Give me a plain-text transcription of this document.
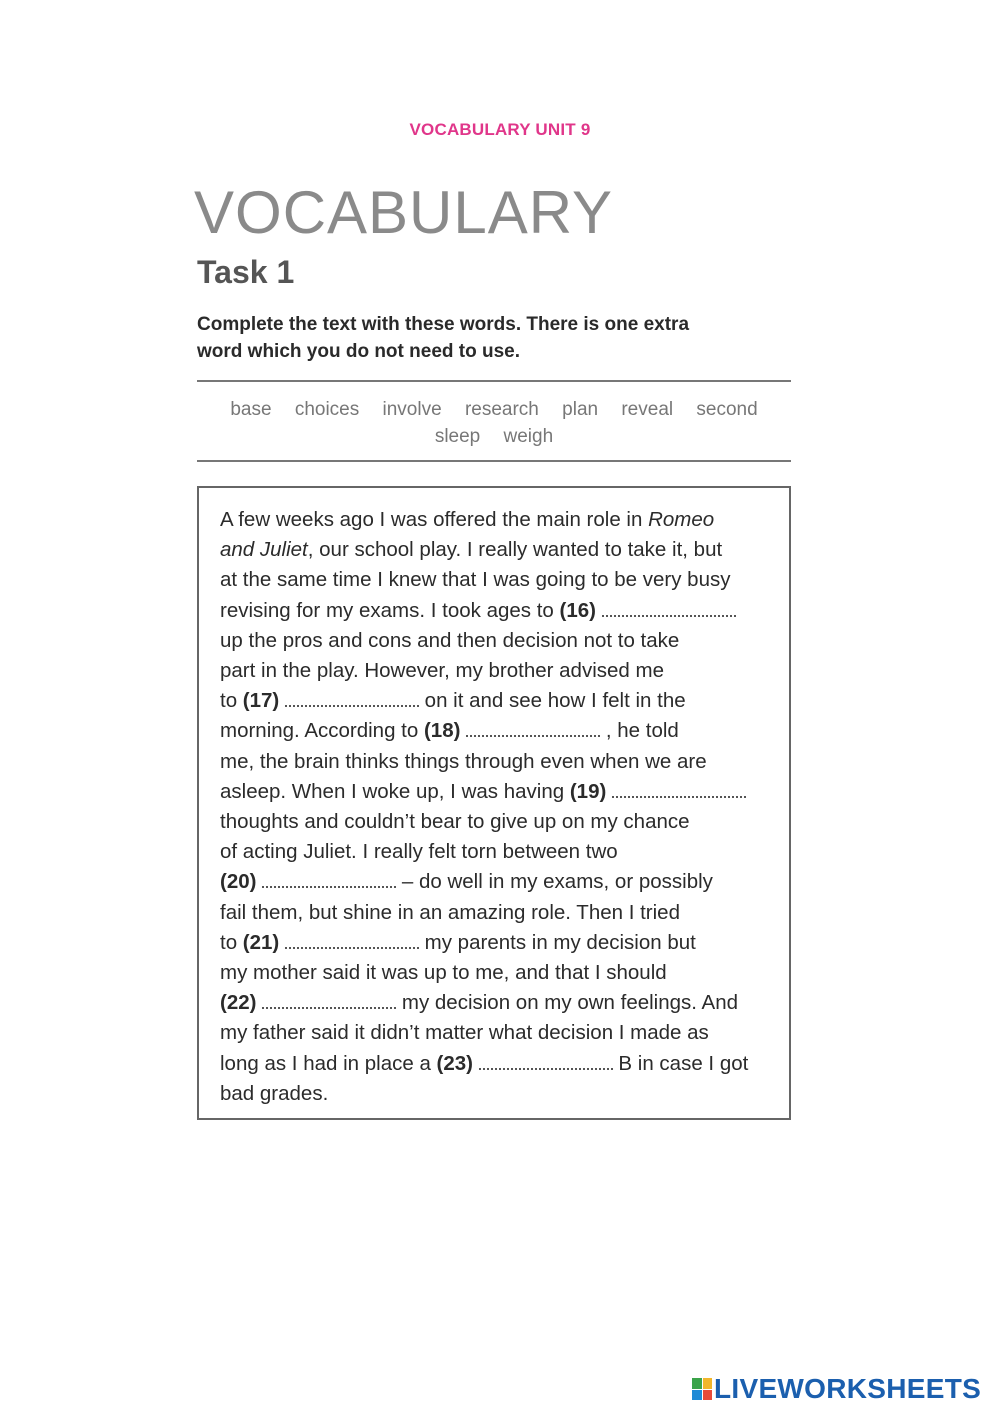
VOCABULARY UNIT 9
VOCABULARY
Task 1
Complete the text with these words. There is one extra
word which you do not need to use.
base choices involve research plan reveal second
sleep weigh
A few weeks ago I was offered the main role in Romeo
and Juliet, our school play. I really wanted to take it, but
at the same time I knew that I was going to be very busy
revising for my exams. I took ages to (16)
up the pros and cons and then decision not to take
part in the play. However, my brother advised me
to (17)	on it and see how I felt in the
morning. According to (18)	, he told
me, the brain thinks things through even when we are
asleep. When I woke up, I was having (19)
thoughts and couldn’t bear to give up on my chance
of acting Juliet. I really felt torn between two
(20)	– do well in my exams, or possibly
fail them, but shine in an amazing role. Then I tried
to (21)	my parents in my decision but
my mother said it was up to me, and that I should
(22)	my decision on my own feelings. And
my father said it didn’t matter what decision I made as
long as I had in place a (23)	B in case I got
bad grades.
LIVEWORKSHEETS
